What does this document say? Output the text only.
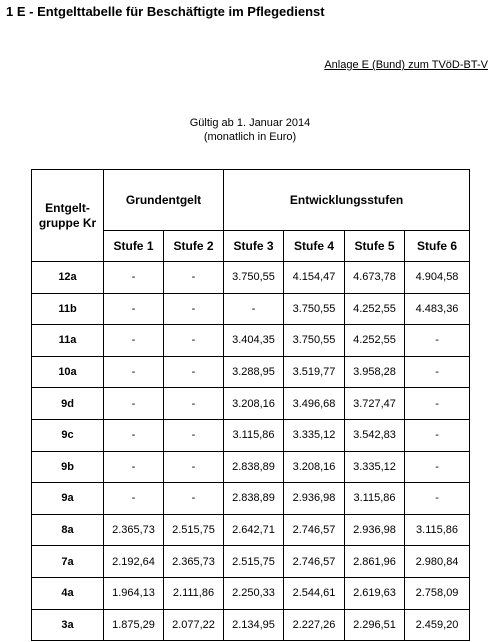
1 E - Entgelttabelle für Beschäftigte im Pflegedienst
Anlage E (Bund) zum TVöD-BT-V
Gültig ab 1. Januar 2014
(monatlich in Euro)
Entgelt-
gruppe Kr	Grundentgelt		Entwicklungsstufen			
	Stufe 1	Stufe 2	Stufe 3	Stufe 4	Stufe 5	Stufe 6
12a	-	-	3.750,55	4.154,47	4.673,78	4.904,58
11b	-	-	-	3.750,55	4.252,55	4.483,36
11a	-	-	3.404,35	3.750,55	4.252,55	-
10a	-	-	3.288,95	3.519,77	3.958,28	-
9d	-	-	3.208,16	3.496,68	3.727,47	-
9c	-	-	3.115,86	3.335,12	3.542,83	-
9b	-	-	2.838,89	3.208,16	3.335,12	-
9a	-	-	2.838,89	2.936,98	3.115,86	-
8a	2.365,73	2.515,75	2.642,71	2.746,57	2.936,98	3.115,86
7a	2.192,64	2.365,73	2.515,75	2.746,57	2.861,96	2.980,84
4a	1.964,13	2.111,86	2.250,33	2.544,61	2.619,63	2.758,09
3a	1.875,29	2.077,22	2.134,95	2.227,26	2.296,51	2.459,20
